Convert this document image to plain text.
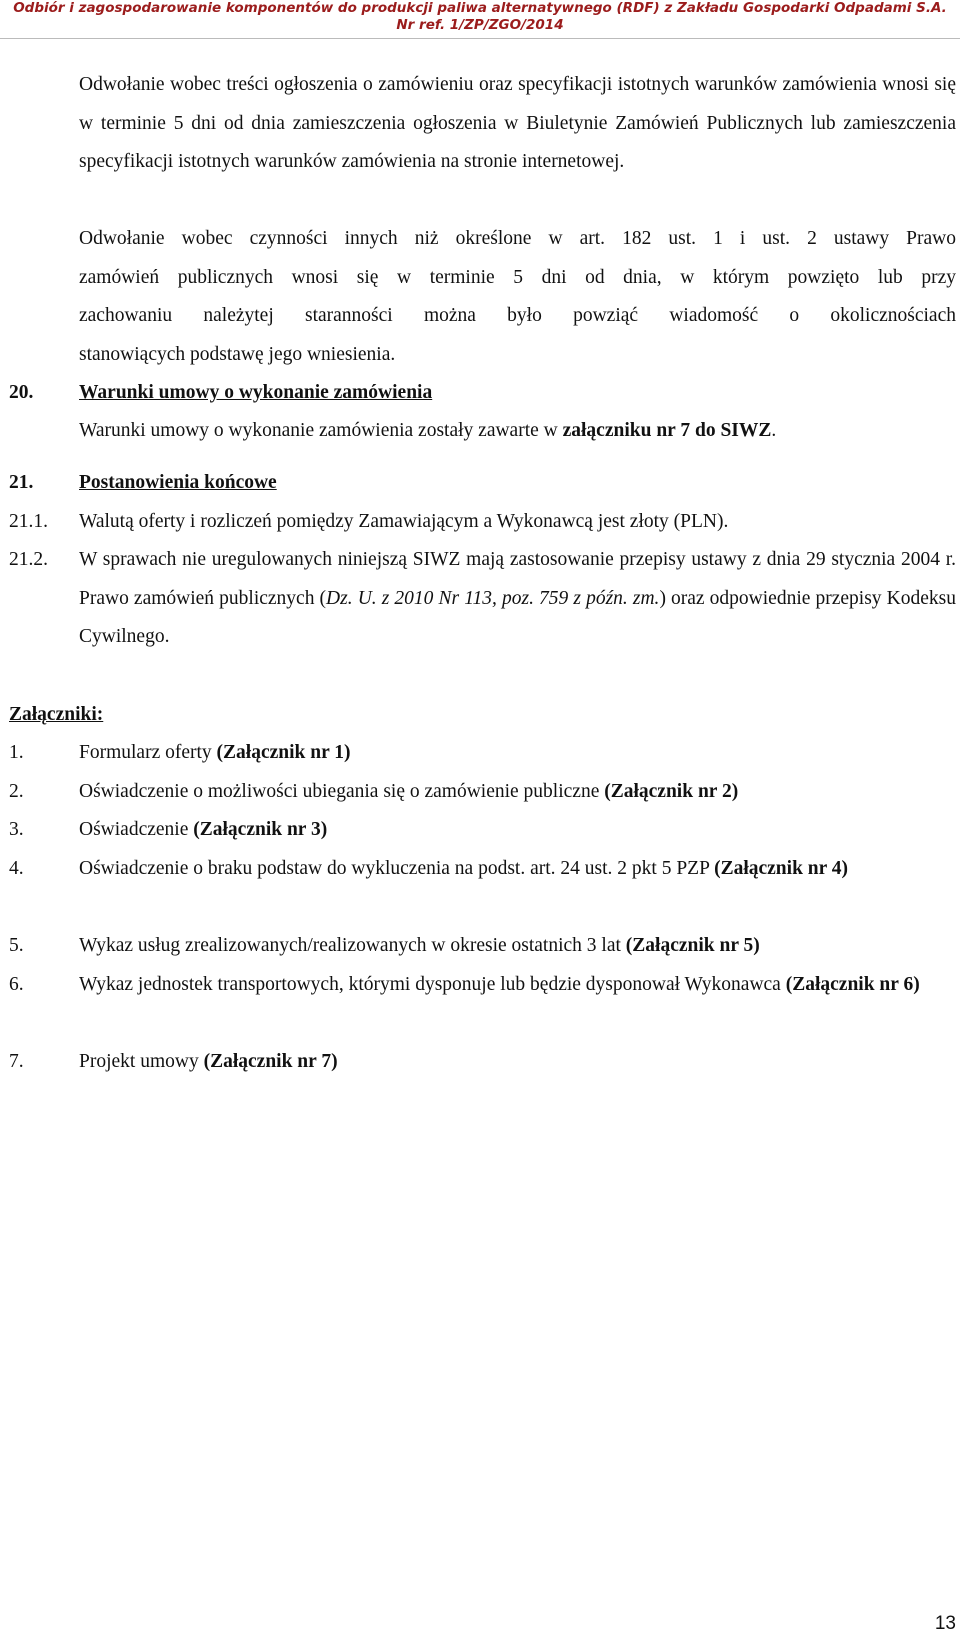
Odbiór i zagospodarowanie komponentów do produkcji paliwa alternatywnego (RDF) z Zakładu Gospodarki Odpadami S.A.
Nr ref. 1/ZP/ZGO/2014
Odwołanie wobec treści ogłoszenia o zamówieniu oraz specyfikacji istotnych warunków zamówienia wnosi się w terminie 5 dni od dnia zamieszczenia ogłoszenia w Biuletynie Zamówień Publicznych lub zamieszczenia specyfikacji istotnych warunków zamówienia na stronie internetowej.
Odwołanie wobec czynności innych niż określone w art. 182 ust. 1 i ust. 2 ustawy Prawo
zamówień publicznych wnosi się w terminie 5 dni od dnia, w którym powzięto lub przy
zachowaniu należytej staranności można było powziąć wiadomość o okolicznościach
stanowiących podstawę jego wniesienia.
20. Warunki umowy o wykonanie zamówienia
Warunki umowy o wykonanie zamówienia zostały zawarte w załączniku nr 7 do SIWZ.
21. Postanowienia końcowe
21.1. Walutą oferty i rozliczeń pomiędzy Zamawiającym a Wykonawcą jest złoty (PLN).
21.2. W sprawach nie uregulowanych niniejszą SIWZ mają zastosowanie przepisy ustawy z dnia 29 stycznia 2004 r. Prawo zamówień publicznych (Dz. U. z 2010 Nr 113, poz. 759 z późn. zm.) oraz odpowiednie przepisy Kodeksu Cywilnego.
Załączniki:
1.	Formularz oferty (Załącznik nr 1)
2.	Oświadczenie o możliwości ubiegania się o zamówienie publiczne (Załącznik nr 2)
3.	Oświadczenie (Załącznik nr 3)
4.	Oświadczenie o braku podstaw do wykluczenia na podst. art. 24 ust. 2 pkt 5 PZP (Załącznik nr 4)
5.	Wykaz usług zrealizowanych/realizowanych w okresie ostatnich 3 lat (Załącznik nr 5)
6.	Wykaz jednostek transportowych, którymi dysponuje lub będzie dysponował Wykonawca (Załącznik nr 6)
7.	Projekt umowy (Załącznik nr 7)
13
